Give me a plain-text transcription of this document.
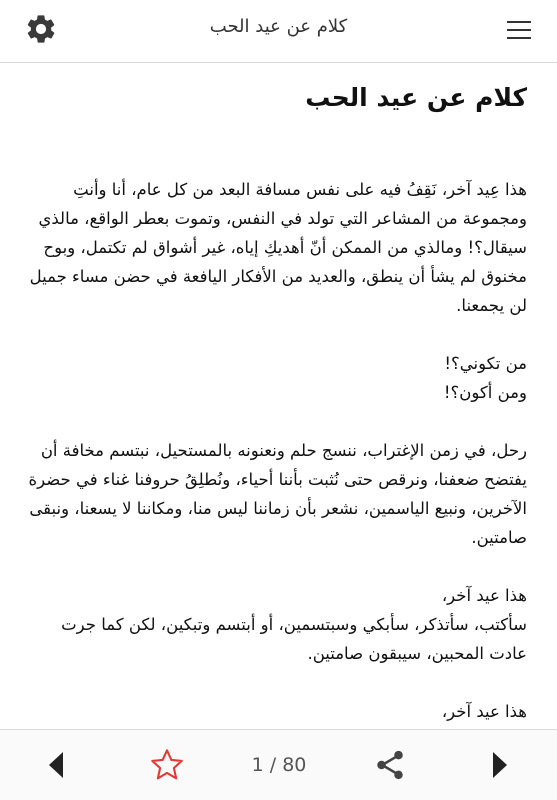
كلام عن عيد الحب
كلام عن عيد الحب

هذا عِيد آخر، نَقِفُ فيه على نفس مسافة البعد من كل عام، أنا وأنتِ ومجموعة من المشاعر التي تولد في النفس، وتموت بعطر الواقع، مالذي سيقال؟! ومالذي من الممكن أنّ أهديكِ إياه، غير أشواق لم تكتمل، وبوح مخنوق لم يشأ أن ينطق، والعديد من الأفكار اليافعة في حضن مساء جميل لن يجمعنا.

من تكوني؟!
ومن أكون؟!

رحل، في زمن الإغتراب، ننسج حلم ونعنونه بالمستحيل، نبتسم مخافة أن يفتضح ضعفنا، ونرقص حتى نُثبت بأننا أحياء، ونُطلِقُ حروفنا غناء في حضرة الآخرين، ونبيع الياسمين، نشعر بأن زماننا ليس منا، ومكاننا لا يسعنا، ونبقى صامتين.

هذا عيد آخر،
سأكتب، سأتذكر، سأبكي وسبتسمين، أو أبتسم وتبكين، لكن كما جرت عادت المحبين، سيبقون صامتين.

هذا عيد آخر،

1 / 80
